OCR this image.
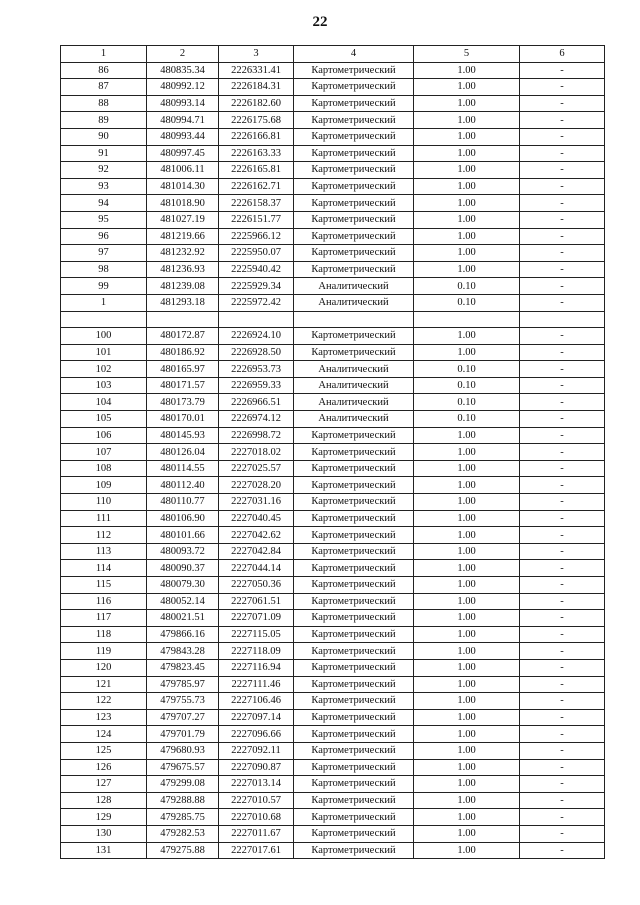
22
1	2	3	4	5	6
86	480835.34	2226331.41	Картометрический	1.00	-
87	480992.12	2226184.31	Картометрический	1.00	-
88	480993.14	2226182.60	Картометрический	1.00	-
89	480994.71	2226175.68	Картометрический	1.00	-
90	480993.44	2226166.81	Картометрический	1.00	-
91	480997.45	2226163.33	Картометрический	1.00	-
92	481006.11	2226165.81	Картометрический	1.00	-
93	481014.30	2226162.71	Картометрический	1.00	-
94	481018.90	2226158.37	Картометрический	1.00	-
95	481027.19	2226151.77	Картометрический	1.00	-
96	481219.66	2225966.12	Картометрический	1.00	-
97	481232.92	2225950.07	Картометрический	1.00	-
98	481236.93	2225940.42	Картометрический	1.00	-
99	481239.08	2225929.34	Аналитический	0.10	-
1	481293.18	2225972.42	Аналитический	0.10	-

100	480172.87	2226924.10	Картометрический	1.00	-
101	480186.92	2226928.50	Картометрический	1.00	-
102	480165.97	2226953.73	Аналитический	0.10	-
103	480171.57	2226959.33	Аналитический	0.10	-
104	480173.79	2226966.51	Аналитический	0.10	-
105	480170.01	2226974.12	Аналитический	0.10	-
106	480145.93	2226998.72	Картометрический	1.00	-
107	480126.04	2227018.02	Картометрический	1.00	-
108	480114.55	2227025.57	Картометрический	1.00	-
109	480112.40	2227028.20	Картометрический	1.00	-
110	480110.77	2227031.16	Картометрический	1.00	-
111	480106.90	2227040.45	Картометрический	1.00	-
112	480101.66	2227042.62	Картометрический	1.00	-
113	480093.72	2227042.84	Картометрический	1.00	-
114	480090.37	2227044.14	Картометрический	1.00	-
115	480079.30	2227050.36	Картометрический	1.00	-
116	480052.14	2227061.51	Картометрический	1.00	-
117	480021.51	2227071.09	Картометрический	1.00	-
118	479866.16	2227115.05	Картометрический	1.00	-
119	479843.28	2227118.09	Картометрический	1.00	-
120	479823.45	2227116.94	Картометрический	1.00	-
121	479785.97	2227111.46	Картометрический	1.00	-
122	479755.73	2227106.46	Картометрический	1.00	-
123	479707.27	2227097.14	Картометрический	1.00	-
124	479701.79	2227096.66	Картометрический	1.00	-
125	479680.93	2227092.11	Картометрический	1.00	-
126	479675.57	2227090.87	Картометрический	1.00	-
127	479299.08	2227013.14	Картометрический	1.00	-
128	479288.88	2227010.57	Картометрический	1.00	-
129	479285.75	2227010.68	Картометрический	1.00	-
130	479282.53	2227011.67	Картометрический	1.00	-
131	479275.88	2227017.61	Картометрический	1.00	-
